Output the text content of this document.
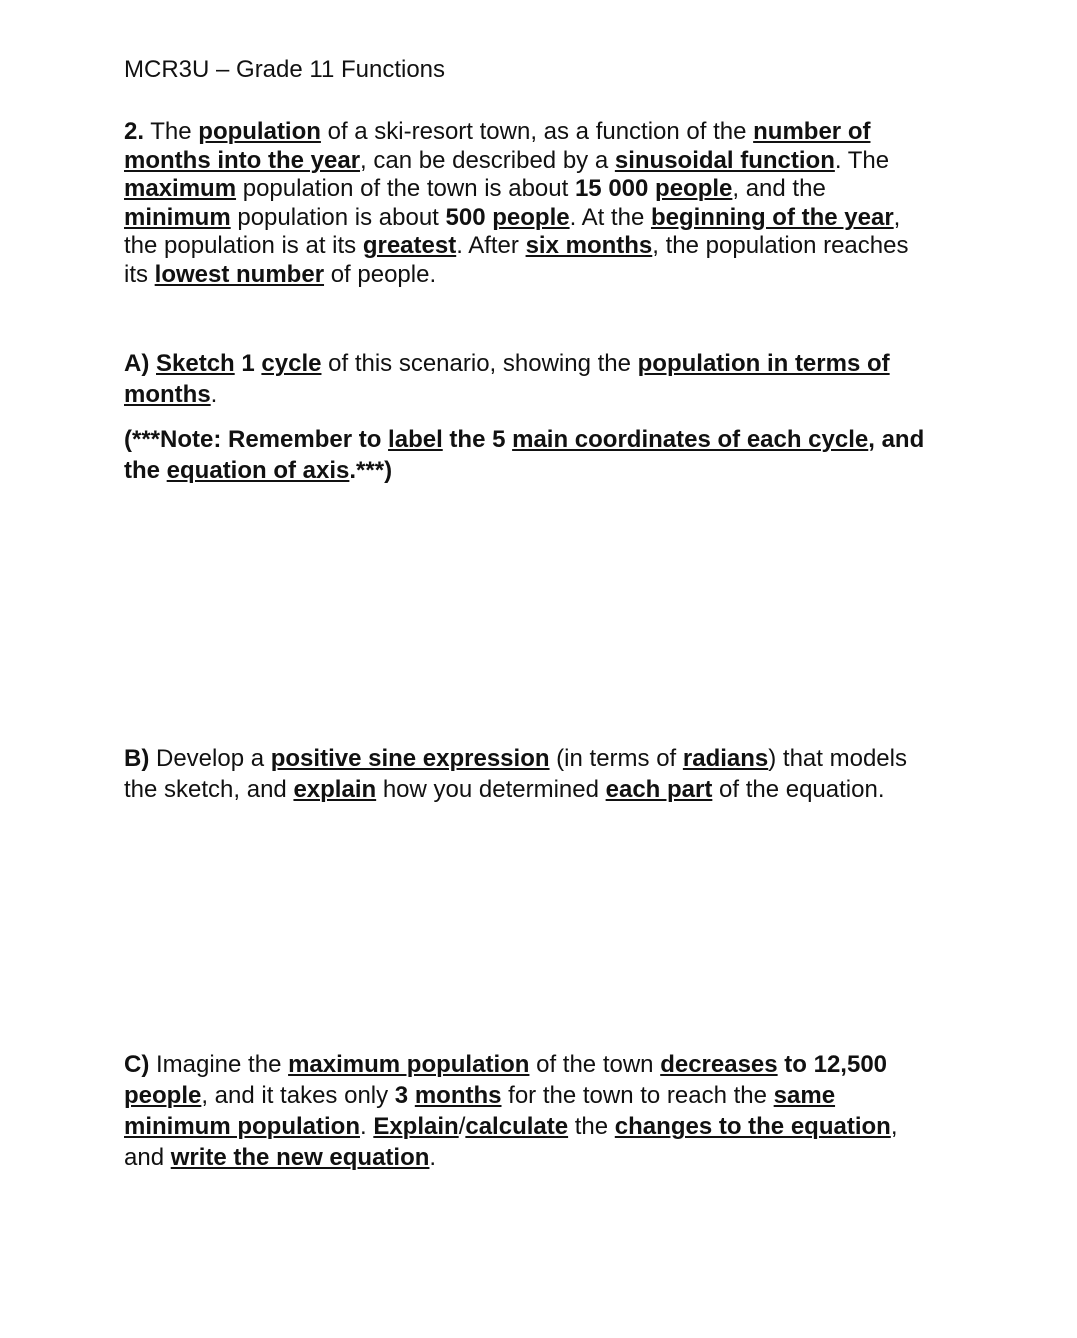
MCR3U – Grade 11 Functions

2. The population of a ski-resort town, as a function of the number of
months into the year, can be described by a sinusoidal function. The
maximum population of the town is about 15 000 people, and the
minimum population is about 500 people. At the beginning of the year,
the population is at its greatest. After six months, the population reaches
its lowest number of people.

A) Sketch 1 cycle of this scenario, showing the population in terms of
months.

(***Note: Remember to label the 5 main coordinates of each cycle, and
the equation of axis.***)

B) Develop a positive sine expression (in terms of radians) that models
the sketch, and explain how you determined each part of the equation.

C) Imagine the maximum population of the town decreases to 12,500
people, and it takes only 3 months for the town to reach the same
minimum population. Explain/calculate the changes to the equation,
and write the new equation.
